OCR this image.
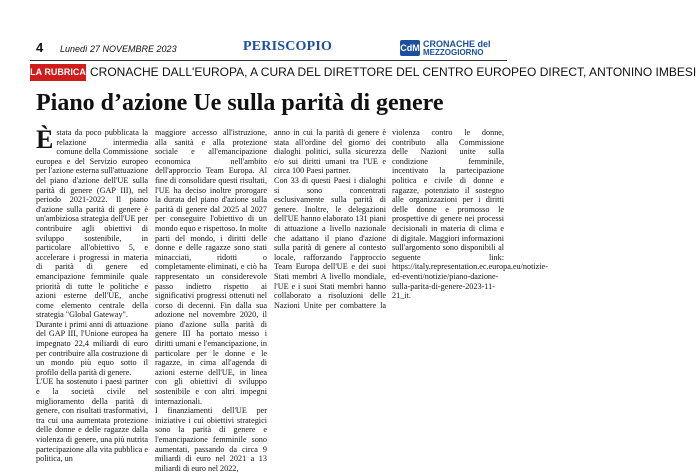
4 Lunedì 27 NOVEMBRE 2023	PERISCOPIO	CdM CRONACHE del
MEZZOGIORNO
LA RUBRICA CRONACHE DALL'EUROPA, A CURA DEL DIRETTORE DEL CENTRO EUROPEO DIRECT, ANTONINO IMBESI
Piano d’azione Ue sulla parità di genere

Èstata da poco pubblicata la relazione intermedia comune della Commissione europea e del Servizio europeo per l'azione esterna sull'attuazione del piano d'azione dell'UE sulla parità di genere (GAP III), nel periodo 2021-2022. Il piano d'azione sulla parità di genere è un'ambiziosa strategia dell'UE per contribuire agli obiettivi di sviluppo sostenibile, in particolare all'obiettivo 5, e accelerare i progressi in materia di parità di genere ed emancipazione femminile quale priorità di tutte le politiche e azioni esterne dell'UE, anche come elemento centrale della strategia "Global Gateway".

Durante i primi anni di attuazione del GAP III, l'Unione europea ha impegnato 22,4 miliardi di euro per contribuire alla costruzione di un mondo più equo sotto il profilo della parità di genere.

L'UE ha sostenuto i paesi partner e la società civile nel miglioramento della parità di genere, con risultati trasformativi, tra cui una aumentata protezione delle donne e delle ragazze dalla violenza di genere, una più nutrita partecipazione alla vita pubblica e politica, un

maggiore accesso all'istruzione, alla sanità e alla protezione sociale e all'emancipazione economica nell'ambito dell'approccio Team Europa. Al fine di consolidare questi risultati, l'UE ha deciso inoltre prorogare la durata del piano d'azione sulla parità di genere dal 2025 al 2027 per conseguire l'obiettivo di un mondo equo e rispettoso. In molte parti del mondo, i diritti delle donne e delle ragazze sono stati minacciati, ridotti o completamente eliminati, e ciò ha rappresentato un considerevole passo indietro rispetto ai significativi progressi ottenuti nel corso di decenni. Fin dalla sua adozione nel novembre 2020, il piano d'azione sulla parità di genere III ha portato messo i diritti umani e l'emancipazione, in particolare per le donne e le ragazze, in cima all'agenda di azioni esterne dell'UE, in linea con gli obiettivi di sviluppo sostenibile e con altri impegni internazionali.

I finanziamenti dell'UE per iniziative i cui obiettivi strategici sono la parità di genere e l'emancipazione femminile sono aumentati, passando da circa 9 miliardi di euro nel 2021 a 13 miliardi di euro nel 2022,

anno in cui la parità di genere è stata all'ordine del giorno dei dialoghi politici, sulla sicurezza e/o sui diritti umani tra l'UE e circa 100 Paesi partner.

Con 33 di questi Paesi i dialoghi si sono concentrati esclusivamente sulla parità di genere. Inoltre, le delegazioni dell'UE hanno elaborato 131 piani di attuazione a livello nazionale che adattano il piano d'azione sulla parità di genere al contesto locale, rafforzando l'approccio Team Europa dell'UE e dei suoi Stati membri A livello mondiale, l'UE e i suoi Stati membri hanno collaborato a risoluzioni delle Nazioni Unite per combattere la violenza contro le donne, contributo alla Commissione delle Nazioni unite sulla condizione femminile, incentivato la partecipazione politica e civile di donne e ragazze, potenziato il sostegno alle organizzazioni per i diritti delle donne e promosso le prospettive di genere nei processi decisionali in materia di clima e di digitale. Maggiori informazioni sull'argomento sono disponibili al seguente link: https://italy.representation.ec.europa.eu/notizie-ed-eventi/notizie/piano-dazione-sulla-parita-di-genere-2023-11-21_it.
